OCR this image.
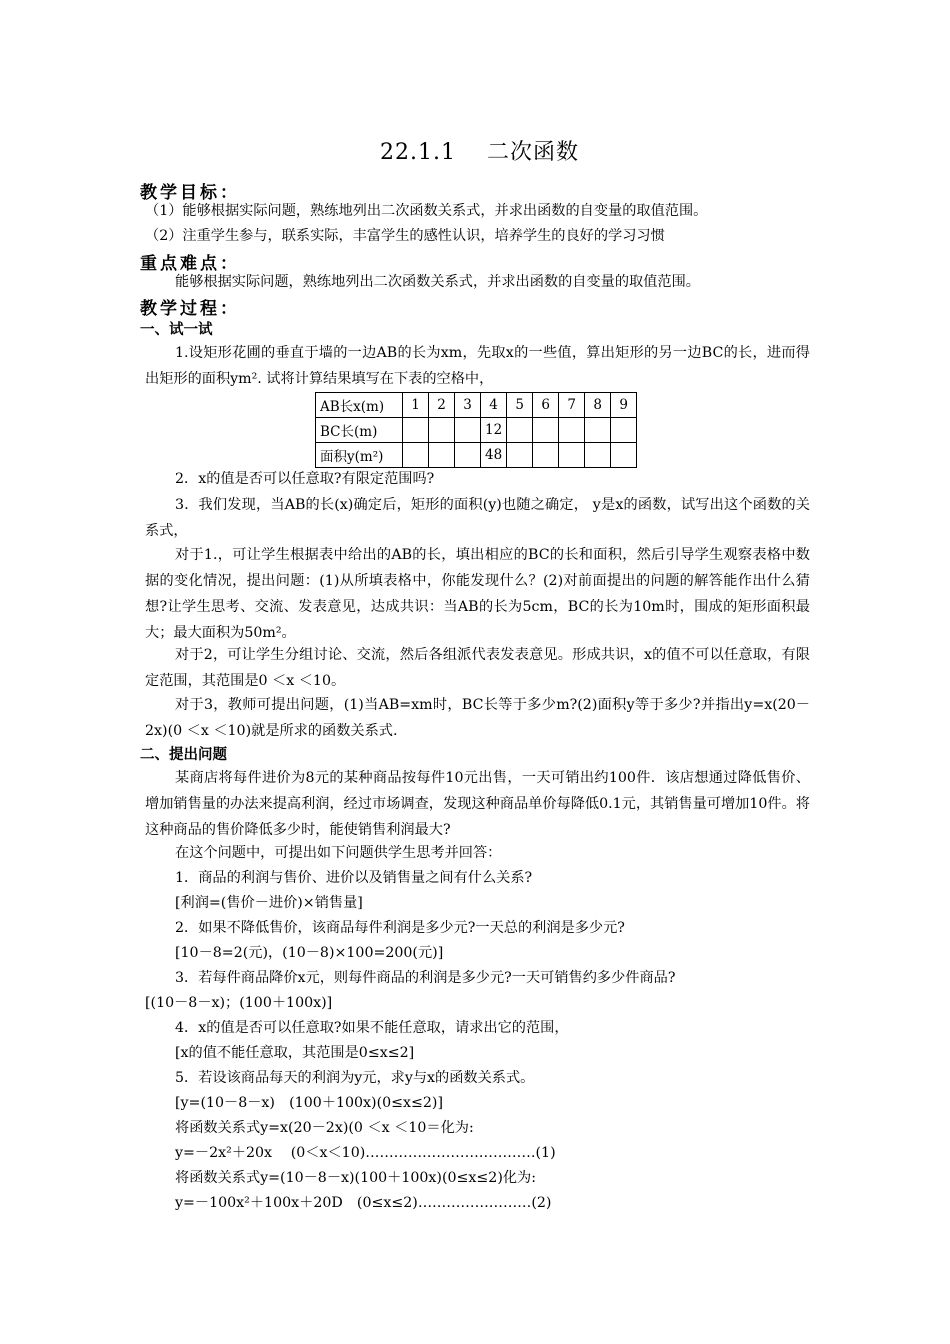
22.1.1　 二次函数
教学目标：
（1）能够根据实际问题，熟练地列出二次函数关系式，并求出函数的自变量的取值范围。
（2）注重学生参与，联系实际，丰富学生的感性认识，培养学生的良好的学习习惯
重点难点：
能够根据实际问题，熟练地列出二次函数关系式，并求出函数的自变量的取值范围。
教学过程：
一、试一试
1.设矩形花圃的垂直于墙的一边AB的长为xm，先取x的一些值，算出矩形的另一边BC的长，进而得出矩形的面积ym². 试将计算结果填写在下表的空格中，
AB长x(m)	1	2	3	4	5	6	7	8	9
BC长(m)				12					
面积y(m²)				48					
2．x的值是否可以任意取?有限定范围吗?
3．我们发现，当AB的长(x)确定后，矩形的面积(y)也随之确定， y是x的函数，试写出这个函数的关系式，
对于1.，可让学生根据表中给出的AB的长，填出相应的BC的长和面积，然后引导学生观察表格中数据的变化情况，提出问题：(1)从所填表格中，你能发现什么？(2)对前面提出的问题的解答能作出什么猜想?让学生思考、交流、发表意见，达成共识：当AB的长为5cm，BC的长为10m时，围成的矩形面积最大；最大面积为50m²。
对于2，可让学生分组讨论、交流，然后各组派代表发表意见。形成共识，x的值不可以任意取，有限定范围，其范围是0 ＜x ＜10。
对于3，教师可提出问题，(1)当AB=xm时，BC长等于多少m?(2)面积y等于多少?并指出y=x(20－2x)(0 ＜x ＜10)就是所求的函数关系式.
二、提出问题
某商店将每件进价为8元的某种商品按每件10元出售，一天可销出约100件．该店想通过降低售价、增加销售量的办法来提高利润，经过市场调查，发现这种商品单价每降低0.1元，其销售量可增加10件。将这种商品的售价降低多少时，能使销售利润最大?
在这个问题中，可提出如下问题供学生思考并回答：
1．商品的利润与售价、进价以及销售量之间有什么关系?
[利润=(售价－进价)×销售量]
2．如果不降低售价，该商品每件利润是多少元?一天总的利润是多少元?
[10－8=2(元)，(10－8)×100=200(元)]
3．若每件商品降价x元，则每件商品的利润是多少元?一天可销售约多少件商品?
[(10－8－x)；(100＋100x)]
4．x的值是否可以任意取?如果不能任意取，请求出它的范围，
[x的值不能任意取，其范围是0≤x≤2]
5．若设该商品每天的利润为y元，求y与x的函数关系式。
[y=(10－8－x)　(100＋100x)(0≤x≤2)]
将函数关系式y=x(20－2x)(0 ＜x ＜10＝化为:
y=－2x²＋20x　 (0＜x＜10)………………………………(1)
将函数关系式y=(10－8－x)(100＋100x)(0≤x≤2)化为:
y=－100x²＋100x＋20D　(0≤x≤2)……………………(2)
